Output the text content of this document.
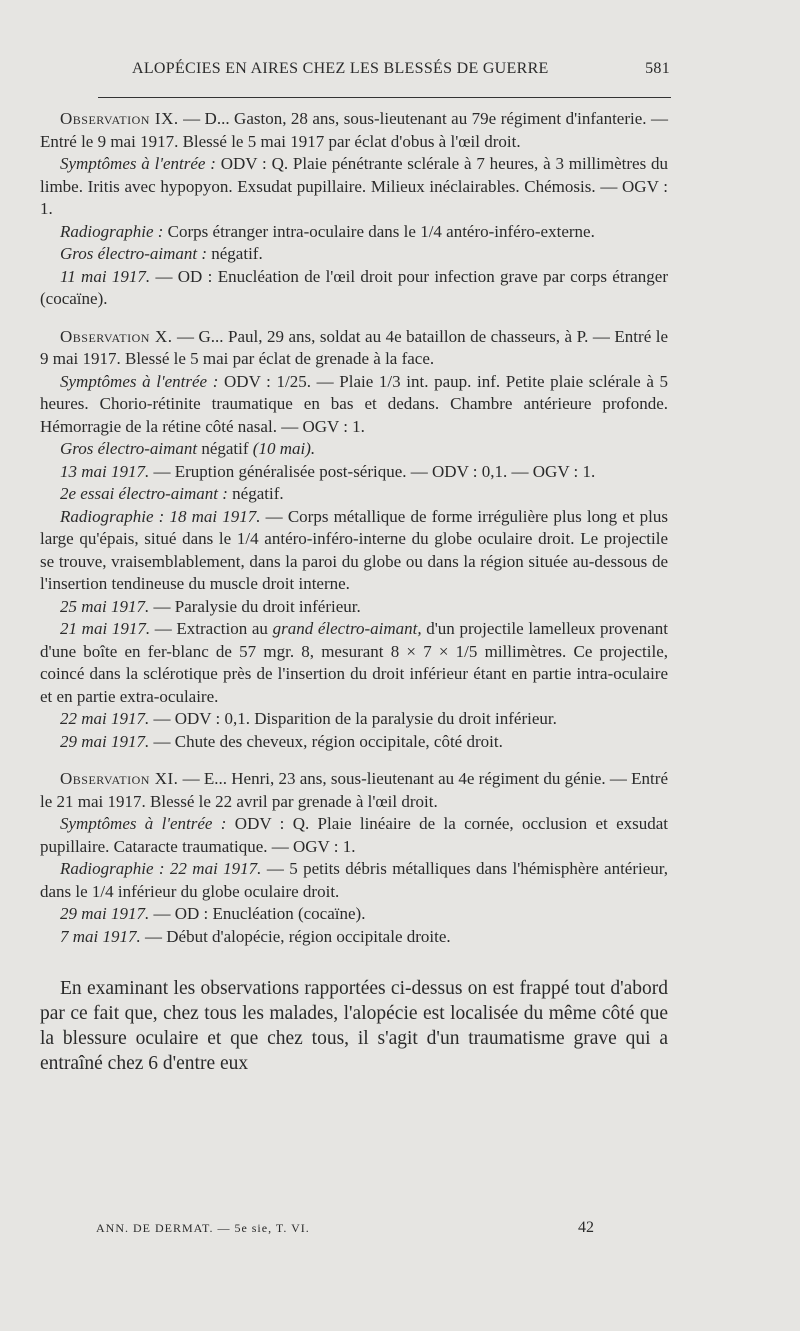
ALOPÉCIES EN AIRES CHEZ LES BLESSÉS DE GUERRE	581

Observation IX. — D... Gaston, 28 ans, sous-lieutenant au 79e régiment d'infanterie. — Entré le 9 mai 1917. Blessé le 5 mai 1917 par éclat d'obus à l'œil droit.

Symptômes à l'entrée : ODV : Q. Plaie pénétrante sclérale à 7 heures, à 3 millimètres du limbe. Iritis avec hypopyon. Exsudat pupillaire. Milieux inéclairables. Chémosis. — OGV : 1.

Radiographie : Corps étranger intra-oculaire dans le 1/4 antéro-inféro-externe.

Gros électro-aimant : négatif.

11 mai 1917. — OD : Enucléation de l'œil droit pour infection grave par corps étranger (cocaïne).

Observation X. — G... Paul, 29 ans, soldat au 4e bataillon de chasseurs, à P. — Entré le 9 mai 1917. Blessé le 5 mai par éclat de grenade à la face.

Symptômes à l'entrée : ODV : 1/25. — Plaie 1/3 int. paup. inf. Petite plaie sclérale à 5 heures. Chorio-rétinite traumatique en bas et dedans. Chambre antérieure profonde. Hémorragie de la rétine côté nasal. — OGV : 1.

Gros électro-aimant négatif (10 mai).

13 mai 1917. — Eruption généralisée post-sérique. — ODV : 0,1. — OGV : 1.

2e essai électro-aimant : négatif.

Radiographie : 18 mai 1917. — Corps métallique de forme irrégulière plus long et plus large qu'épais, situé dans le 1/4 antéro-inféro-interne du globe oculaire droit. Le projectile se trouve, vraisemblablement, dans la paroi du globe ou dans la région située au-dessous de l'insertion tendineuse du muscle droit interne.

25 mai 1917. — Paralysie du droit inférieur.

21 mai 1917. — Extraction au grand électro-aimant, d'un projectile lamelleux provenant d'une boîte en fer-blanc de 57 mgr. 8, mesurant 8 × 7 × 1/5 millimètres. Ce projectile, coincé dans la sclérotique près de l'insertion du droit inférieur étant en partie intra-oculaire et en partie extra-oculaire.

22 mai 1917. — ODV : 0,1. Disparition de la paralysie du droit inférieur.

29 mai 1917. — Chute des cheveux, région occipitale, côté droit.

Observation XI. — E... Henri, 23 ans, sous-lieutenant au 4e régiment du génie. — Entré le 21 mai 1917. Blessé le 22 avril par grenade à l'œil droit.

Symptômes à l'entrée : ODV : Q. Plaie linéaire de la cornée, occlusion et exsudat pupillaire. Cataracte traumatique. — OGV : 1.

Radiographie : 22 mai 1917. — 5 petits débris métalliques dans l'hémisphère antérieur, dans le 1/4 inférieur du globe oculaire droit.

29 mai 1917. — OD : Enucléation (cocaïne).

7 mai 1917. — Début d'alopécie, région occipitale droite.

En examinant les observations rapportées ci-dessus on est frappé tout d'abord par ce fait que, chez tous les malades, l'alopécie est localisée du même côté que la blessure oculaire et que chez tous, il s'agit d'un traumatisme grave qui a entraîné chez 6 d'entre eux

ANN. DE DERMAT. — 5e sie, T. VI.	42
